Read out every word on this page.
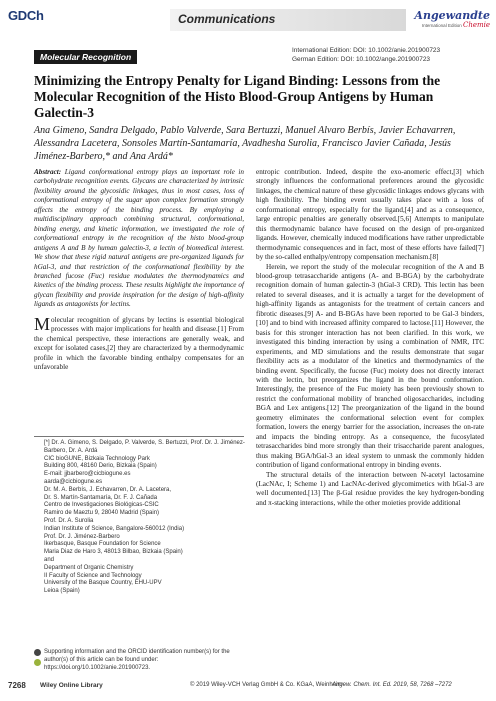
GDCh	Communications	Angewandte
International Edition Chemie
Molecular Recognition
International Edition: DOI: 10.1002/anie.201900723
German Edition: DOI: 10.1002/ange.201900723
Minimizing the Entropy Penalty for Ligand Binding: Lessons from the Molecular Recognition of the Histo Blood-Group Antigens by Human Galectin-3
Ana Gimeno, Sandra Delgado, Pablo Valverde, Sara Bertuzzi, Manuel Alvaro Berbís, Javier Echavarren, Alessandra Lacetera, Sonsoles Martín-Santamaría, Avadhesha Surolia, Francisco Javier Cañada, Jesús Jiménez-Barbero,* and Ana Ardá*
Abstract: Ligand conformational entropy plays an important role in carbohydrate recognition events. Glycans are characterized by intrinsic flexibility around the glycosidic linkages, thus in most cases, loss of conformational entropy of the sugar upon complex formation strongly affects the entropy of the binding process. By employing a multidisciplinary approach combining structural, conformational, binding energy, and kinetic information, we investigated the role of conformational entropy in the recognition of the histo blood-group antigens A and B by human galectin-3, a lectin of biomedical interest. We show that these rigid natural antigens are pre-organized ligands for hGal-3, and that restriction of the conformational flexibility by the branched fucose (Fuc) residue modulates the thermodynamics and kinetics of the binding process. These results highlight the importance of glycan flexibility and provide inspiration for the design of high-affinity ligands as antagonists for lectins.
M olecular recognition of glycans by lectins is essential biological processes with major implications for health and disease.[1] From the chemical perspective, these interactions are generally weak, and except for isolated cases,[2] they are characterized by a thermodynamic profile in which the favorable binding enthalpy compensates for an unfavorable

[*] Dr. A. Gimeno, S. Delgado, P. Valverde, S. Bertuzzi, Prof. Dr. J. Jiménez-Barbero, Dr. A. Ardá

CIC bioGUNE, Bizkaia Technology Park

Building 800, 48160 Derio, Bizkaia (Spain)

E-mail: jjbarbero@cicbiogune.es

aarda@cicbiogune.es

Dr. M. A. Berbís, J. Echavarren, Dr. A. Lacetera,

Dr. S. Martín-Santamaría, Dr. F. J. Cañada

Centro de Investigaciones Biológicas-CSIC

Ramiro de Maeztu 9, 28040 Madrid (Spain)

Prof. Dr. A. Surolia

Indian Institute of Science, Bangalore-560012 (India)

Prof. Dr. J. Jiménez-Barbero

Ikerbasque, Basque Foundation for Science

Maria Diaz de Haro 3, 48013 Bilbao, Bizkaia (Spain)

and

Department of Organic Chemistry

II Faculty of Science and Technology

University of the Basque Country, EHU-UPV

Leioa (Spain)

Supporting information and the ORCID identification number(s) for the author(s) of this article can be found under: https://doi.org/10.1002/anie.201900723.
entropic contribution. Indeed, despite the exo-anomeric effect,[3] which strongly influences the conformational preferences around the glycosidic linkages, the chemical nature of these glycosidic linkages endows glycans with high flexibility. The binding event usually takes place with a loss of conformational entropy, especially for the ligand,[4] and as a consequence, large entropic penalties are generally observed.[5,6] Attempts to manipulate this thermodynamic balance have focused on the design of pre-organized ligands. However, chemically induced modifications have rather unpredictable thermodynamic consequences and in fact, most of these efforts have failed[7] by the so-called enthalpy/entropy compensation mechanism.[8]
Herein, we report the study of the molecular recognition of the A and B blood-group tetrasaccharide antigens (A- and B-BGA) by the carbohydrate recognition domain of human galectin-3 (hGal-3 CRD). This lectin has been related to several diseases, and it is actually a target for the development of high-affinity ligands as antagonists for the treatment of certain cancers and fibrotic diseases.[9] A- and B-BGAs have been reported to be Gal-3 binders,[10] and to bind with increased affinity compared to lactose.[11] However, the basis for this stronger interaction has not been clarified. In this work, we investigated this binding interaction by using a combination of NMR, ITC experiments, and MD simulations and the results demonstrate that sugar flexibility acts as a modulator of the kinetics and thermodynamics of the binding event. Specifically, the fucose (Fuc) moiety does not directly interact with the lectin, but preorganizes the ligand in the bound conformation. Interestingly, the presence of the Fuc moiety has been previously shown to restrict the conformational mobility of branched oligosaccharides, including BGA and Lex antigens.[12] The preorganization of the ligand in the bound geometry eliminates the conformational selection event for complex formation, lowers the energy barrier for the association, increases the on-rate and impacts the binding entropy. As a consequence, the fucosylated tetrasaccharides bind more strongly than their trisaccharide parent analogues, thus making BGA/hGal-3 an ideal system to unmask the commonly hidden contribution of ligand conformational entropy in binding events.
The structural details of the interaction between N-acetyl lactosamine (LacNAc, I; Scheme 1) and LacNAc-derived glycomimetics with hGal-3 are well documented.[13] The β-Gal residue provides the key hydrogen-bonding and π-stacking interactions, while the other moieties provide additional
7268 Wiley Online Library	© 2019 Wiley-VCH Verlag GmbH & Co. KGaA, Weinheim
Angew. Chem. Int. Ed. 2019, 58, 7268 –7272
